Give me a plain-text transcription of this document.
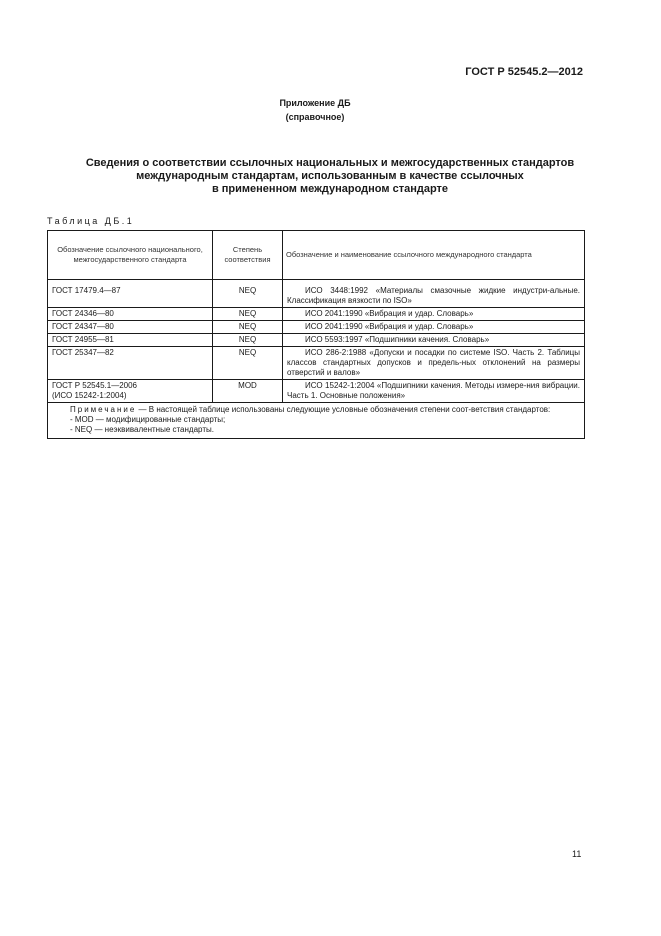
ГОСТ Р 52545.2—2012
Приложение ДБ
(справочное)
Сведения о соответствии ссылочных национальных и межгосударственных стандартов
международным стандартам, использованным в качестве ссылочных
в примененном международном стандарте
Таблица ДБ.1
Обозначение ссылочного национального, межгосударственного стандарта	Степень соответствия	Обозначение и наименование ссылочного международного стандарта
ГОСТ 17479.4—87	NEQ	ИСО 3448:1992 «Материалы смазочные жидкие индустри-альные. Классификация вязкости по ISO»
ГОСТ 24346—80	NEQ	ИСО 2041:1990 «Вибрация и удар. Словарь»
ГОСТ 24347—80	NEQ	ИСО 2041:1990 «Вибрация и удар. Словарь»
ГОСТ 24955—81	NEQ	ИСО 5593:1997 «Подшипники качения. Словарь»
ГОСТ 25347—82	NEQ	ИСО 286-2:1988 «Допуски и посадки по системе ISO. Часть 2. Таблицы классов стандартных допусков и предель-ных отклонений на размеры отверстий и валов»

ГОСТ Р 52545.1—2006
(ИСО 15242-1:2004)	MOD	ИСО 15242-1:2004 «Подшипники качения. Методы измере-ния вибрации. Часть 1. Основные положения»

Примечание — В настоящей таблице использованы следующие условные обозначения степени соот-ветствия стандартов:
- MOD — модифицированные стандарты;
- NEQ — неэквивалентные стандарты.		
11
